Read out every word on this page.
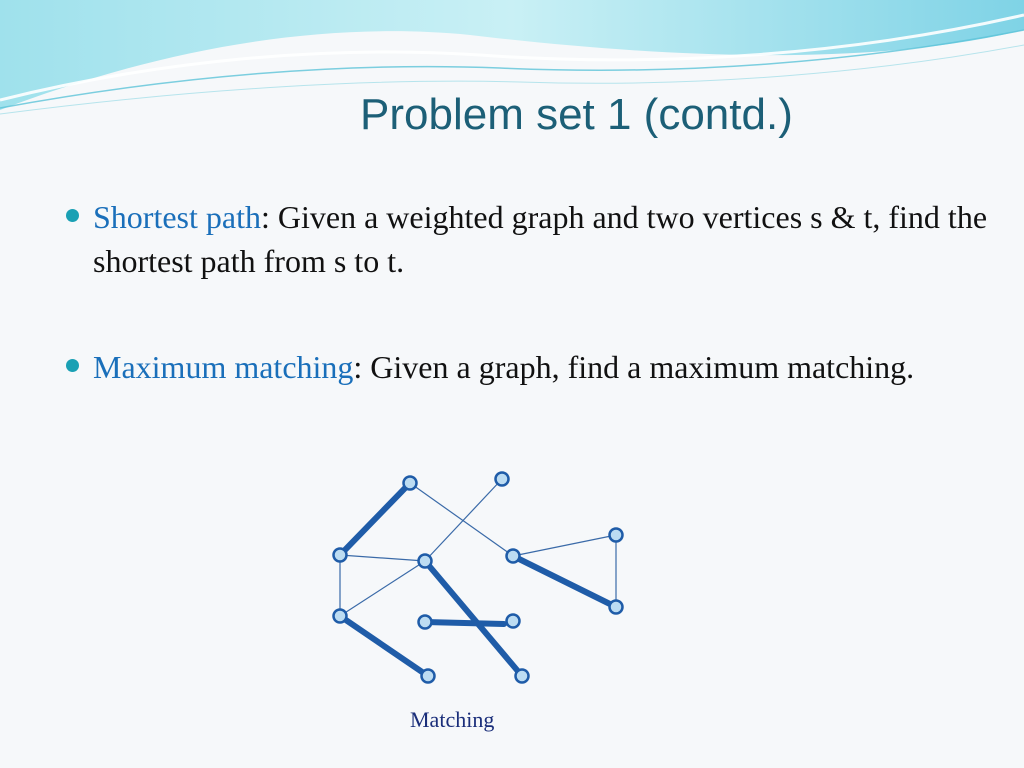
Problem set 1 (contd.)
Shortest path: Given a weighted graph and two vertices s & t, find the shortest path from s to t.
Maximum matching: Given a graph, find a maximum matching.
Matching
